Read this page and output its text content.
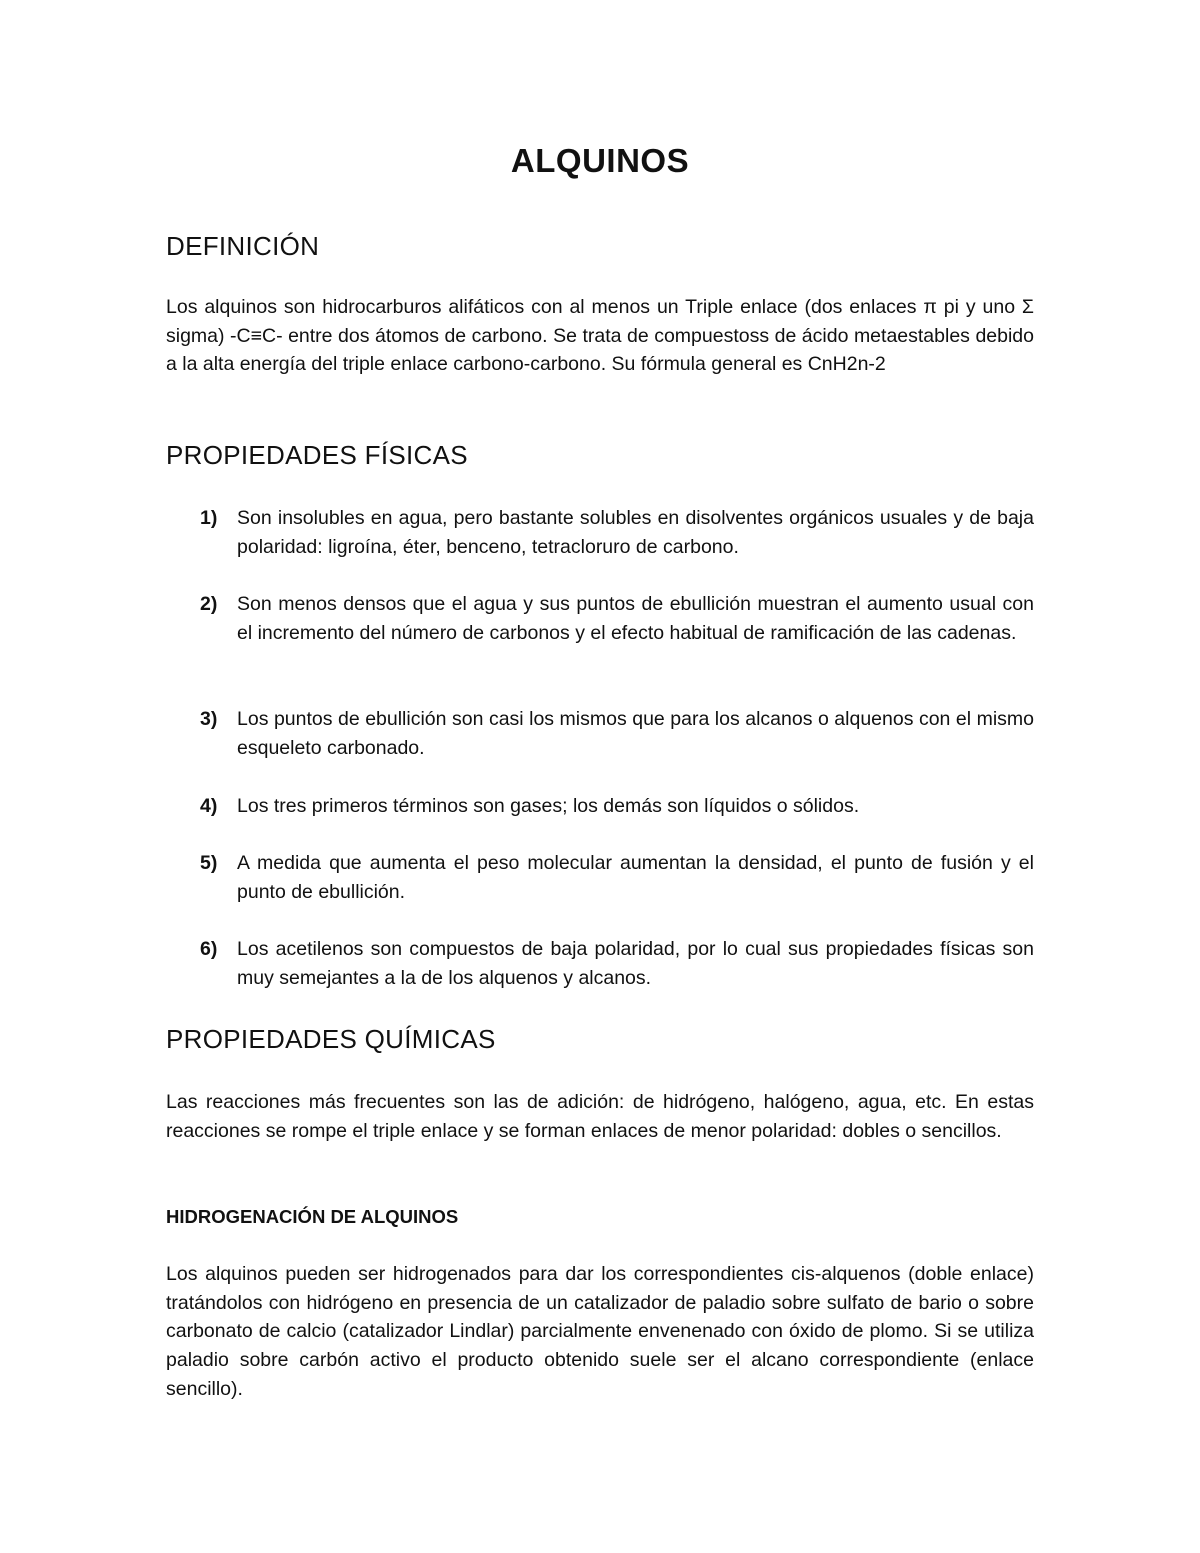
ALQUINOS
DEFINICIÓN

Los alquinos son hidrocarburos alifáticos con al menos un Triple enlace (dos enlaces π pi y uno Σ sigma) -C≡C- entre dos átomos de carbono. Se trata de compuestoss de ácido metaestables debido a la alta energía del triple enlace carbono-carbono. Su fórmula general es CnH2n-2

PROPIEDADES FÍSICAS
1) Son insolubles en agua, pero bastante solubles en disolventes orgánicos usuales y de baja polaridad: ligroína, éter, benceno, tetracloruro de carbono.
2) Son menos densos que el agua y sus puntos de ebullición muestran el aumento usual con el incremento del número de carbonos y el efecto habitual de ramificación de las cadenas.
3) Los puntos de ebullición son casi los mismos que para los alcanos o alquenos con el mismo esqueleto carbonado.
4) Los tres primeros términos son gases; los demás son líquidos o sólidos.
5) A medida que aumenta el peso molecular aumentan la densidad, el punto de fusión y el punto de ebullición.
6) Los acetilenos son compuestos de baja polaridad, por lo cual sus propiedades físicas son muy semejantes a la de los alquenos y alcanos.
PROPIEDADES QUÍMICAS

Las reacciones más frecuentes son las de adición: de hidrógeno, halógeno, agua, etc. En estas reacciones se rompe el triple enlace y se forman enlaces de menor polaridad: dobles o sencillos.

HIDROGENACIÓN DE ALQUINOS

Los alquinos pueden ser hidrogenados para dar los correspondientes cis-alquenos (doble enlace) tratándolos con hidrógeno en presencia de un catalizador de paladio sobre sulfato de bario o sobre carbonato de calcio (catalizador Lindlar) parcialmente envenenado con óxido de plomo. Si se utiliza paladio sobre carbón activo el producto obtenido suele ser el alcano correspondiente (enlace sencillo).
